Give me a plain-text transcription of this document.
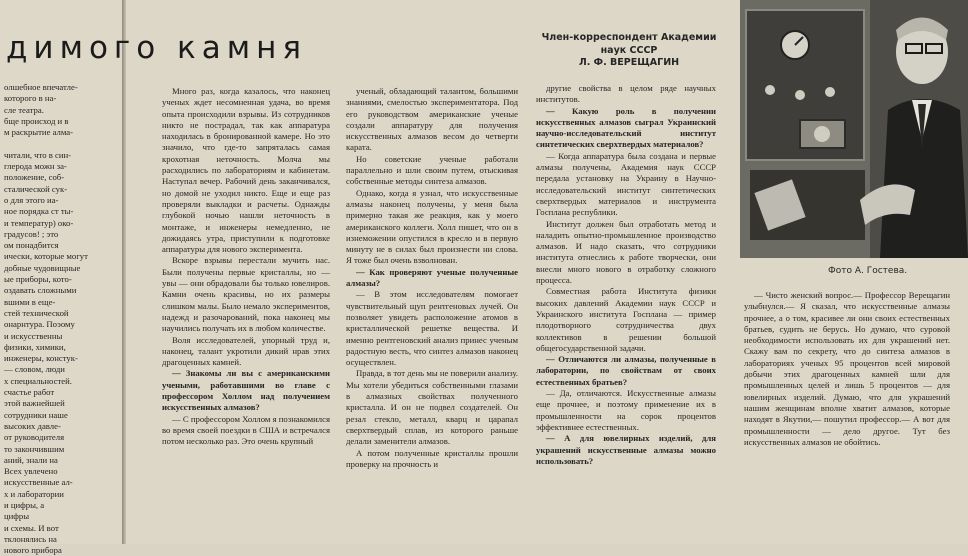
димого камня

олшебное впечатле-

которого в на-

сле театра.

бще происход и в

м раскрытие алма-

читали, что в син-

глерода можн за-

положение, соб-

сталической сук-

о для этого иа-

ное порядка ст ты-

и температур) око-

градусов! ; это

ом понадбится

ически, которые могут

добные чудовищные

ые приборы, кото-

оздавать сложными

вшими в еще-

стей технической

онарнтура. Поэому

и искусственны

физики, химики,

инженеры, констук-

— словом, люди

х специальностей.

счастье работ

этой важнейшей

сотрудники наше

высоких давле-

от руководителя

то закончившим

аний, знали на

Всех увлечено

искусственные ал-

х и лаборатории

и цифры, а

цифры

и схемы. И вот

тклонялись на

нового прибора

Много раз, когда казалось, что наконец ученых ждет несомненная удача, во время опыта происходили взрывы. Из сотрудников никто не пострадал, так как аппаратура находилась в бронированной камере. Но это значило, что где-то запряталась самая крохотная неточность. Молча мы расходились по лабораториям и кабинетам. Наступал вечер. Рабочий день заканчивался, но домой не уходил никто. Еще и еще раз проверяли выкладки и расчеты. Однажды глубокой ночью нашли неточность в монтаже, и инженеры немедленно, не дожидаясь утра, приступили к подготовке аппаратуры для нового эксперимента.

Вскоре взрывы перестали мучить нас. Были получены первые кристаллы, но — увы — они обрадовали бы только ювелиров. Камни очень красивы, но их размеры слишком малы. Было немало экспериментов, надежд и разочарований, пока наконец мы научились получать их в любом количестве.

Воля исследователей, упорный труд и, наконец, талант укротили дикий нрав этих драгоценных камней.

— Знакомы ли вы с американскими учеными, работавшими во главе с профессором Холлом над получением искусственных алмазов?

— С профессором Холлом я познакомился во время своей поездки в США и встречался потом несколько раз. Это очень крупный

ученый, обладающий талантом, большими знаниями, смелостью экспериментатора. Под его руководством американские ученые создали аппаратуру для получения искусственных алмазов весом до четверти карата.

Но советские ученые работали параллельно и шли своим путем, отыскивая собственные методы синтеза алмазов.

Однако, когда я узнал, что искусственные алмазы наконец получены, у меня была примерно такая же реакция, как у моего американского коллеги. Холл пишет, что он в изнеможении опустился в кресло и в первую минуту не в силах был произнести ни слова. Я тоже был очень взволнован.

— Как проверяют ученые полученные алмазы?

— В этом исследователям помогает чувствительный щуп рентгеновых лучей. Он позволяет увидеть расположение атомов в кристаллической решетке вещества. И именно рентгеновский анализ принес ученым радостную весть, что синтез алмазов наконец осуществлен.

Правда, в тот день мы не поверили анализу. Мы хотели убедиться собственными глазами в алмазных свойствах полученного кристалла. И он не подвел создателей. Он резал стекло, металл, кварц и царапал сверхтвердый сплав, из которого раньше делали заменители алмазов.

А потом полученные кристаллы прошли проверку на прочность и

Член-корреспондент Академии
наук СССР
Л. Ф. ВЕРЕЩАГИН

другие свойства в целом ряде научных институтов.

— Какую роль в получении искусственных алмазов сыграл Украинский научно-исследовательский институт синтетических сверхтвердых материалов?

— Когда аппаратура была создана и первые алмазы получены, Академия наук СССР передала установку на Украину в Научно-исследовательский институт синтетических сверхтвердых материалов и инструмента Госплана республики.

Институт должен был отработать метод и наладить опытно-промышленное производство алмазов. И надо сказать, что сотрудники института отнеслись к работе творчески, они внесли много нового в отработку сложного процесса.

Совместная работа Института физики высоких давлений Академии наук СССР и Украинского института Госплана — пример плодотворного сотрудничества двух коллективов в решении большой общегосударственной задачи.

— Отличаются ли алмазы, полученные в лаборатории, по свойствам от своих естественных братьев?

— Да, отличаются. Искусственные алмазы еще прочнее, и поэтому применение их в промышленности на сорок процентов эффективнее естественных.

— А для ювелирных изделий, для украшений искусственные алмазы можно использовать?

Фото А. Гостева.

— Чисто женский вопрос.— Профессор Верещагин улыбнулся.— Я сказал, что искусственные алмазы прочнее, а о том, красивее ли они своих естественных братьев, судить не берусь. Но думаю, что суровой необходимости использовать их для украшений нет. Скажу вам по секрету, что до синтеза алмазов в лабораториях ученых 95 процентов всей мировой добычи этих драгоценных камней шли для промышленных целей и лишь 5 процентов — для ювелирных изделий. Думаю, что для украшений нашим женщинам вполне хватит алмазов, которые находят в Якутии,— пошутил профессор.— А вот для промышленности — дело другое. Тут без искусственных алмазов не обойтись.
